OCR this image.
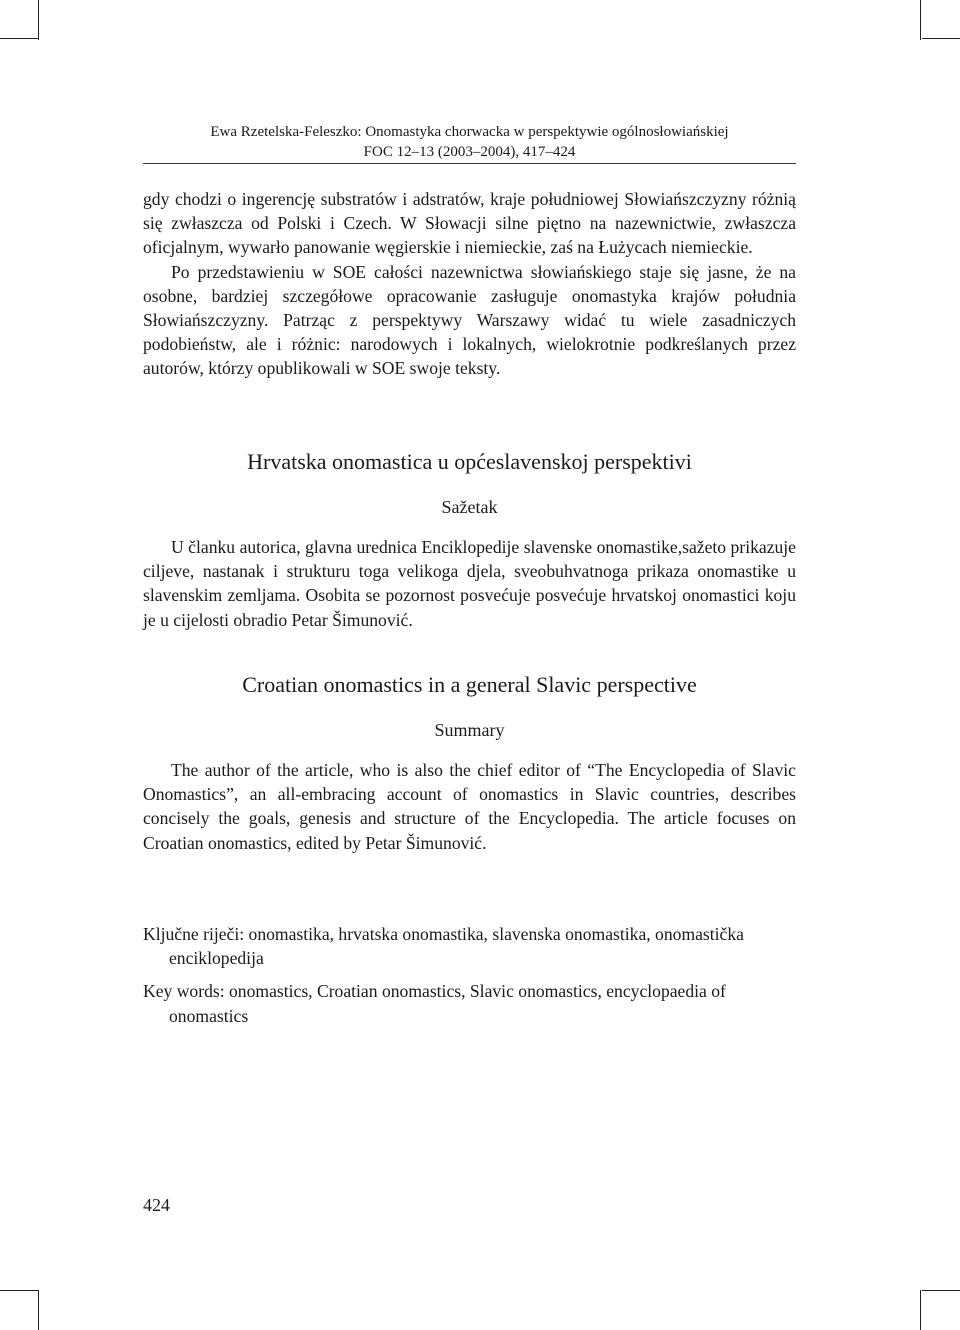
Ewa Rzetelska-Feleszko: Onomastyka chorwacka w perspektywie ogólnosłowiańskiej
FOC 12–13 (2003–2004), 417–424

gdy chodzi o ingerencję substratów i adstratów, kraje południowej Słowiańszczyzny różnią się zwłaszcza od Polski i Czech. W Słowacji silne piętno na nazewnictwie, zwłaszcza oficjalnym, wywarło panowanie węgierskie i niemieckie, zaś na Łużycach niemieckie.

Po przedstawieniu w SOE całości nazewnictwa słowiańskiego staje się jasne, że na osobne, bardziej szczegółowe opracowanie zasługuje onomastyka krajów południa Słowiańszczyzny. Patrząc z perspektywy Warszawy widać tu wiele zasadniczych podobieństw, ale i różnic: narodowych i lokalnych, wielokrotnie podkreślanych przez autorów, którzy opublikowali w SOE swoje teksty.

Hrvatska onomastica u općeslavenskoj perspektivi
Sažetak

U članku autorica, glavna urednica Enciklopedije slavenske onomastike,sažeto prikazuje ciljeve, nastanak i strukturu toga velikoga djela, sveobuhvatnoga prikaza onomastike u slavenskim zemljama. Osobita se pozornost posvećuje posvećuje hrvatskoj onomastici koju je u cijelosti obradio Petar Šimunović.

Croatian onomastics in a general Slavic perspective
Summary

The author of the article, who is also the chief editor of “The Encyclopedia of Slavic Onomastics”, an all-embracing account of onomastics in Slavic countries, describes concisely the goals, genesis and structure of the Encyclopedia. The article focuses on Croatian onomastics, edited by Petar Šimunović.

Ključne riječi: onomastika, hrvatska onomastika, slavenska onomastika, onomastička enciklopedija

Key words: onomastics, Croatian onomastics, Slavic onomastics, encyclopaedia of onomastics

424
